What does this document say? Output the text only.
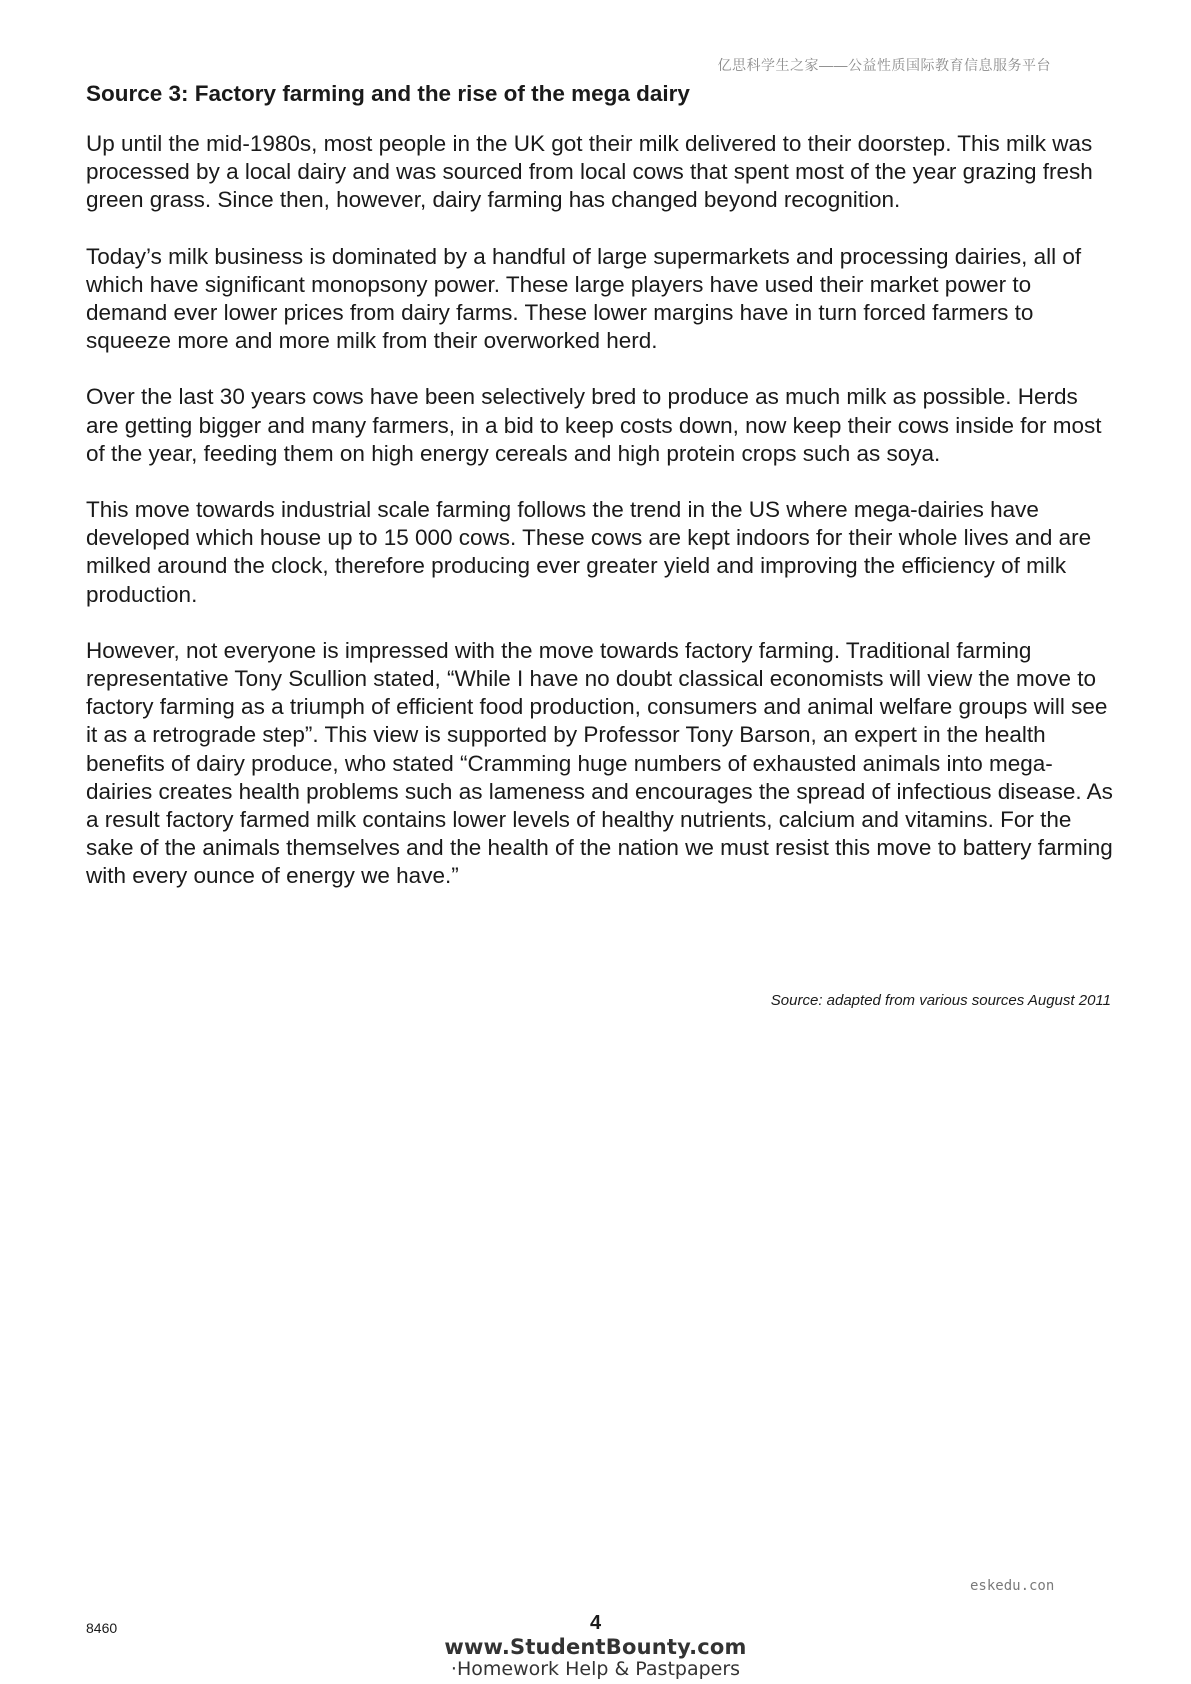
亿思科学生之家——公益性质国际教育信息服务平台
Source 3: Factory farming and the rise of the mega dairy

Up until the mid-1980s, most people in the UK got their milk delivered to their doorstep. This milk was processed by a local dairy and was sourced from local cows that spent most of the year grazing fresh green grass. Since then, however, dairy farming has changed beyond recognition.

Today’s milk business is dominated by a handful of large supermarkets and processing dairies, all of which have significant monopsony power. These large players have used their market power to demand ever lower prices from dairy farms. These lower margins have in turn forced farmers to squeeze more and more milk from their overworked herd.

Over the last 30 years cows have been selectively bred to produce as much milk as possible. Herds are getting bigger and many farmers, in a bid to keep costs down, now keep their cows inside for most of the year, feeding them on high energy cereals and high protein crops such as soya.

This move towards industrial scale farming follows the trend in the US where mega-dairies have developed which house up to 15 000 cows. These cows are kept indoors for their whole lives and are milked around the clock, therefore producing ever greater yield and improving the efficiency of milk production.

However, not everyone is impressed with the move towards factory farming. Traditional farming representative Tony Scullion stated, “While I have no doubt classical economists will view the move to factory farming as a triumph of efficient food production, consumers and animal welfare groups will see it as a retrograde step”. This view is supported by Professor Tony Barson, an expert in the health benefits of dairy produce, who stated “Cramming huge numbers of exhausted animals into mega-dairies creates health problems such as lameness and encourages the spread of infectious disease. As a result factory farmed milk contains lower levels of healthy nutrients, calcium and vitamins. For the sake of the animals themselves and the health of the nation we must resist this move to battery farming with every ounce of energy we have.”

Source: adapted from various sources August 2011
eskedu.con
8460	4
www.StudentBounty.com
·Homework Help & Pastpapers
